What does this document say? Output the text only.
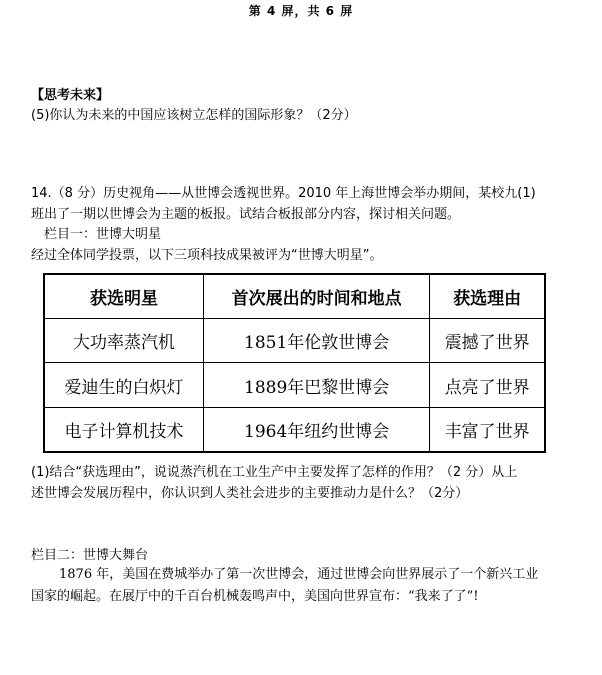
第 4 屏，共 6 屏
【思考未来】
(5)你认为未来的中国应该树立怎样的国际形象？（2分）
14.（8 分）历史视角——从世博会透视世界。2010 年上海世博会举办期间，某校九(1)
班出了一期以世博会为主题的板报。试结合板报部分内容，探讨相关问题。
栏目一：世博大明星
经过全体同学投票，以下三项科技成果被评为“世博大明星”。
获选明星	首次展出的时间和地点	获选理由
大功率蒸汽机	1851年伦敦世博会	震撼了世界
爱迪生的白炽灯	1889年巴黎世博会	点亮了世界
电子计算机技术	1964年纽约世博会	丰富了世界
(1)结合“获选理由”，说说蒸汽机在工业生产中主要发挥了怎样的作用？（2 分）从上
述世博会发展历程中，你认识到人类社会进步的主要推动力是什么？（2分）
栏目二：世博大舞台
1876 年，美国在费城举办了第一次世博会，通过世博会向世界展示了一个新兴工业
国家的崛起。在展厅中的千百台机械轰鸣声中，美国向世界宣布：“我来了了”!
